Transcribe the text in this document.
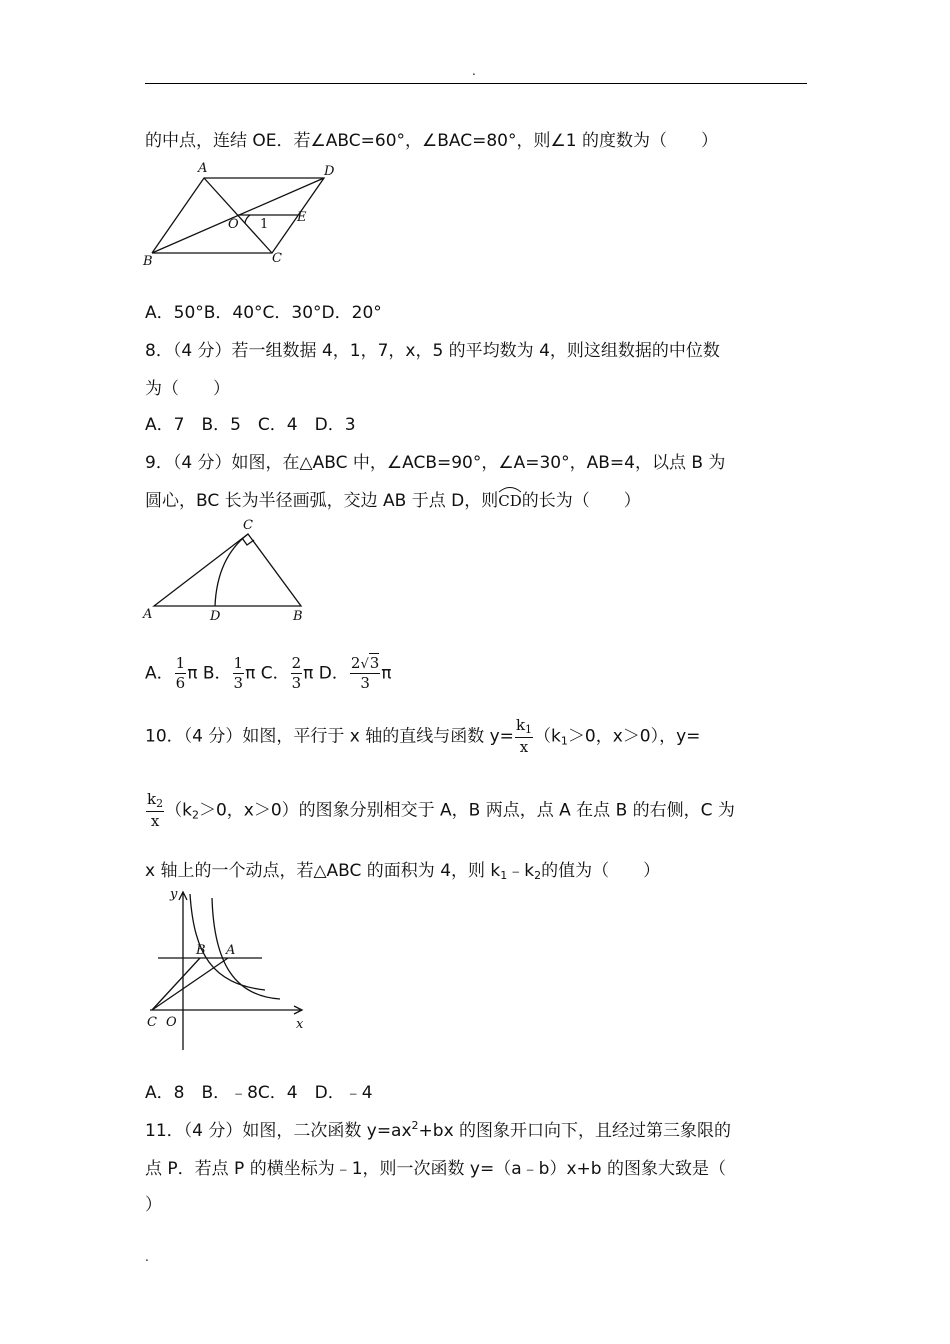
.
的中点，连结 OE．若∠ABC=60°，∠BAC=80°，则∠1 的度数为（　　）
A	D
O 1 E
B	C
A．50°B．40°C．30°D．20°
8．（4 分）若一组数据 4，1，7，x，5 的平均数为 4，则这组数据的中位数
为（　　）
A．7　B．5　C．4　D．3
9．（4 分）如图，在△ABC 中，∠ACB=90°，∠A=30°，AB=4，以点 B 为
圆心，BC 长为半径画弧，交边 AB 于点 D，则
CD的长为（　　）
C
A	D	B
A． $\frac{1}{6}$ π B． $\frac{1}{3}$ π C． $\frac{2}{3}$ π D． $\frac{2√3}{3}$ π
10．（4 分）如图，平行于 x 轴的直线与函数 $y= \frac{k_1}{x} (k_1>0$，x＞0），y=
$\frac{k_2}{x} (k_2>0$，x＞0）的图象分别相交于 A，B 两点，点 A 在点 B 的右侧，C 为
x 轴上的一个动点，若△ABC 的面积为 4，则 $k_1﹣k_2$的值为（　　）
y
B A
C O	x
A．8　B．﹣8C．4　D．﹣4
11．（4 分）如图，二次函数 $y=ax^2+bx$ 的图象开口向下，且经过第三象限的
点 P．若点 P 的横坐标为﹣1，则一次函数 y=（a﹣b）x+b 的图象大致是（
）
.
